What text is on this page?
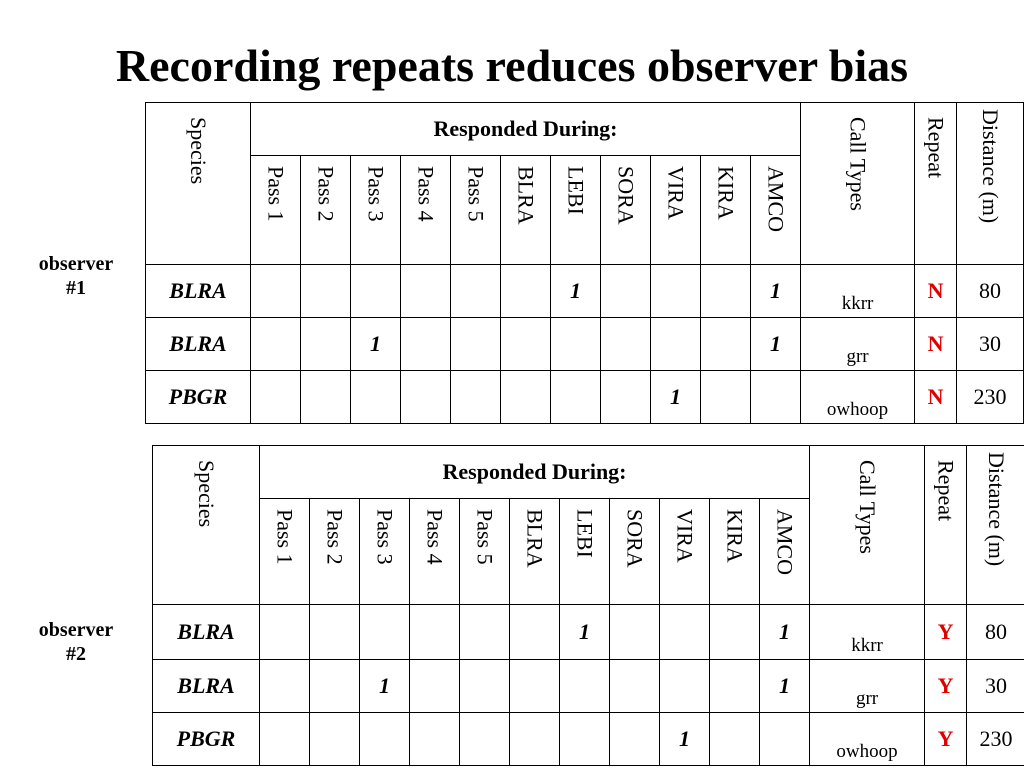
Recording repeats reduces observer bias
observer
#1
observer
#2
Species	Responded During:											Call Types	Repeat	Distance (m)
	Pass 1	Pass 2	Pass 3	Pass 4	Pass 5	BLRA	LEBI	SORA	VIRA	KIRA	AMCO			
BLRA							1				1	kkrr	N	80
BLRA			1								1	grr	N	30
PBGR									1			owhoop	N	230
Species	Responded During:											Call Types	Repeat	Distance (m)
	Pass 1	Pass 2	Pass 3	Pass 4	Pass 5	BLRA	LEBI	SORA	VIRA	KIRA	AMCO			
BLRA							1				1	kkrr	Y	80
BLRA			1								1	grr	Y	30
PBGR									1			owhoop	Y	230
